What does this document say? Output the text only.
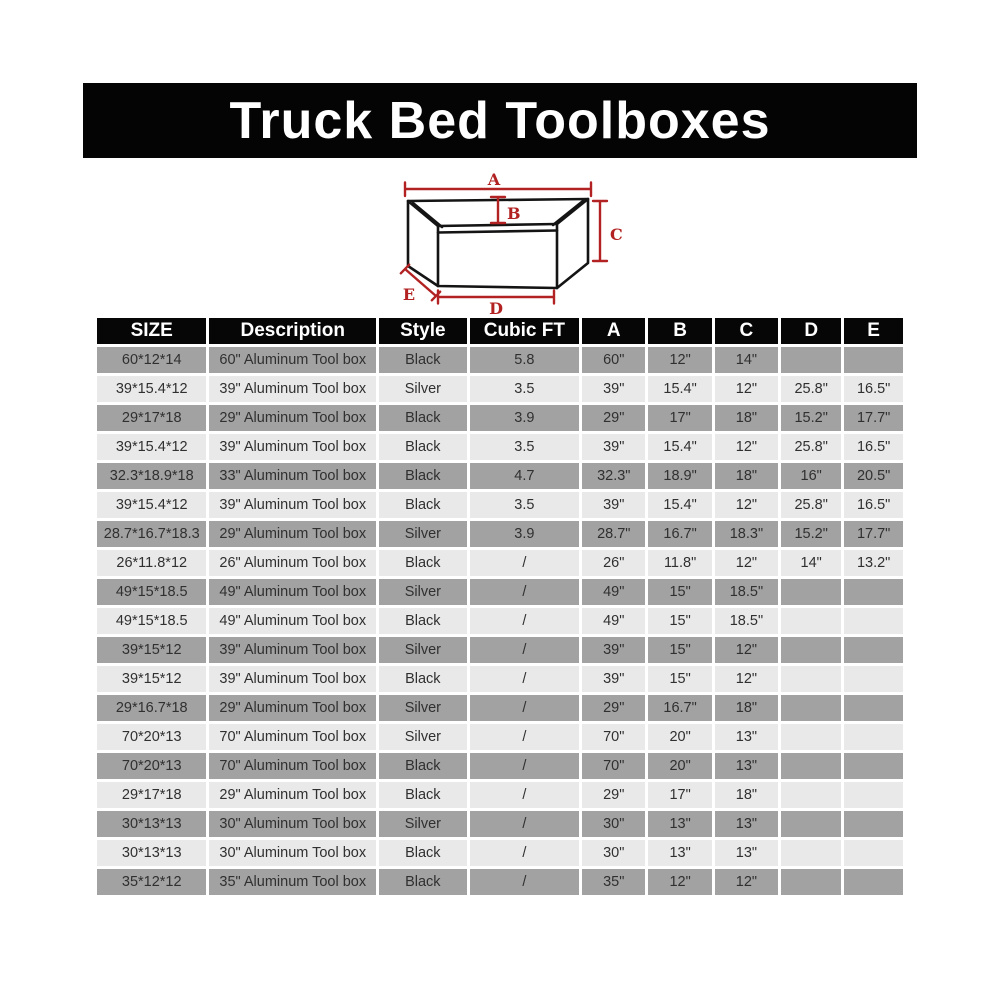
Truck Bed Toolboxes
A
B
C
D
E
SIZE	Description	Style	Cubic FT	A	B	C	D	E
60*12*14	60" Aluminum Tool box	Black	5.8	60"	12"	14"		
39*15.4*12	39" Aluminum Tool box	Silver	3.5	39"	15.4"	12"	25.8"	16.5"
29*17*18	29" Aluminum Tool box	Black	3.9	29"	17"	18"	15.2"	17.7"
39*15.4*12	39" Aluminum Tool box	Black	3.5	39"	15.4"	12"	25.8"	16.5"
32.3*18.9*18	33" Aluminum Tool box	Black	4.7	32.3"	18.9"	18"	16"	20.5"
39*15.4*12	39" Aluminum Tool box	Black	3.5	39"	15.4"	12"	25.8"	16.5"
28.7*16.7*18.3	29" Aluminum Tool box	Silver	3.9	28.7"	16.7"	18.3"	15.2"	17.7"
26*11.8*12	26" Aluminum Tool box	Black	/	26"	11.8"	12"	14"	13.2"
49*15*18.5	49" Aluminum Tool box	Silver	/	49"	15"	18.5"		
49*15*18.5	49" Aluminum Tool box	Black	/	49"	15"	18.5"		
39*15*12	39" Aluminum Tool box	Silver	/	39"	15"	12"		
39*15*12	39" Aluminum Tool box	Black	/	39"	15"	12"		
29*16.7*18	29" Aluminum Tool box	Silver	/	29"	16.7"	18"		
70*20*13	70" Aluminum Tool box	Silver	/	70"	20"	13"		
70*20*13	70" Aluminum Tool box	Black	/	70"	20"	13"		
29*17*18	29" Aluminum Tool box	Black	/	29"	17"	18"		
30*13*13	30" Aluminum Tool box	Silver	/	30"	13"	13"		
30*13*13	30" Aluminum Tool box	Black	/	30"	13"	13"		
35*12*12	35" Aluminum Tool box	Black	/	35"	12"	12"		
